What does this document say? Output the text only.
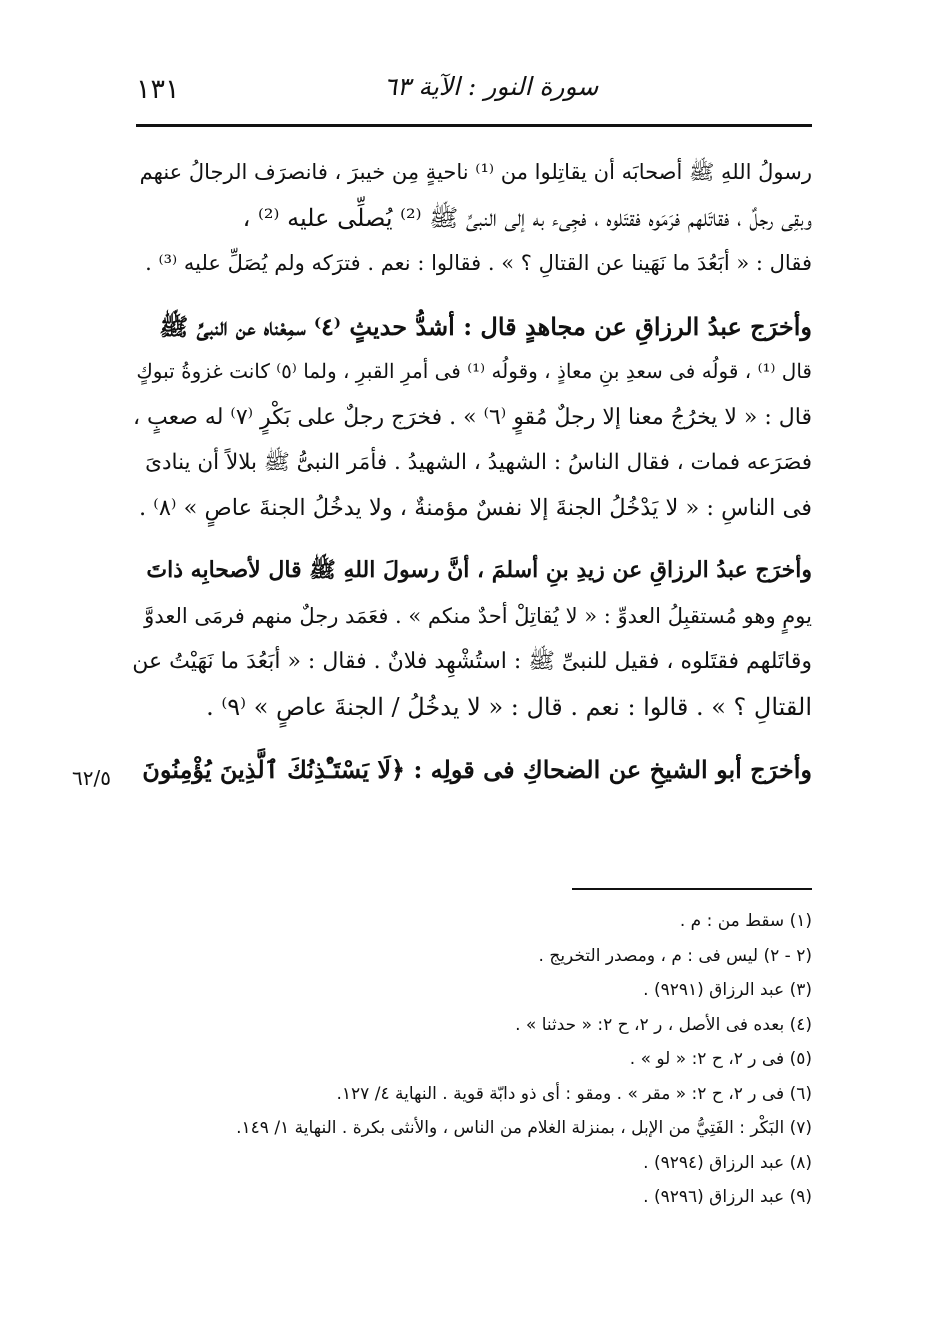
١٣١	سورة النور : الآية ٦٣
رسولُ اللهِ ﷺ أصحابَه أن يقاتِلوا من ⁽¹⁾ ناحيةٍ مِن خيبرَ ، فانصرَف الرجالُ عنهم
وبقِى رجلٌ ، فقاتَلهم فرَمَوه فقتَلوه ، فجِىء به إلى النبىِّ ﷺ ⁽²⁾ يُصلِّى عليه ⁽²⁾ ،
فقال : « أبَعُدَ ما نَهَينا عن القتالِ ؟ » . فقالوا : نعم . فترَكه ولم يُصَلِّ عليه ⁽³⁾ .
وأخرَج عبدُ الرزاقِ عن مجاهدٍ قال : أشدُّ حديثٍ ⁽٤⁾ سمِعْناه عن النبىِّ ﷺ
قال ⁽¹⁾ ، قولُه فى سعدِ بنِ معاذٍ ، وقولُه ⁽¹⁾ فى أمرِ القبرِ ، ولما ⁽٥⁾ كانت غزوةُ تبوكٍ
قال : « لا يخرُجُ معنا إلا رجلٌ مُقوٍ ⁽٦⁾ » . فخرَج رجلٌ على بَكْرٍ ⁽٧⁾ له صعبٍ ،
فصَرَعه فمات ، فقال الناسُ : الشهيدُ ، الشهيدُ . فأمَر النبىُّ ﷺ بلالاً أن ينادىَ
فى الناسِ : « لا يَدْخُلُ الجنةَ إلا نفسٌ مؤمنةٌ ، ولا يدخُلُ الجنةَ عاصٍ » ⁽٨⁾ .
وأخرَج عبدُ الرزاقِ عن زيدِ بنِ أسلمَ ، أنَّ رسولَ اللهِ ﷺ قال لأصحابِه ذاتَ
يومٍ وهو مُستقبِلُ العدوِّ : « لا يُقاتِلْ أحدٌ منكم » . فعَمَد رجلٌ منهم فرمَى العدوَّ
وقاتَلهم فقتَلوه ، فقيل للنبىِّ ﷺ : استُشْهِد فلانٌ . فقال : « أبَعُدَ ما نَهَيْتُ عن
القتالِ ؟ » . قالوا : نعم . قال : « لا يدخُلُ / الجنةَ عاصٍ » ⁽٩⁾ .
وأخرَج أبو الشيخِ عن الضحاكِ فى قولِه : ﴿لَا يَسْتَـْٔذِنُكَ ٱلَّذِينَ يُؤْمِنُونَ
٦٢/٥
(١) سقط من : م .
(٢ - ٢) ليس فى : م ، ومصدر التخريج .
(٣) عبد الرزاق (٩٢٩١) .
(٤) بعده فى الأصل ، ر ٢، ح ٢: « حدثنا » .
(٥) فى ر ٢، ح ٢: « لو » .
(٦) فى ر ٢، ح ٢: « مقر » . ومقو : أى ذو دابّة قوية . النهاية ٤/ ١٢٧.
(٧) البَكْر : الفَتِيُّ من الإبل ، بمنزلة الغلام من الناس ، والأنثى بكرة . النهاية ١/ ١٤٩.
(٨) عبد الرزاق (٩٢٩٤) .
(٩) عبد الرزاق (٩٢٩٦) .
